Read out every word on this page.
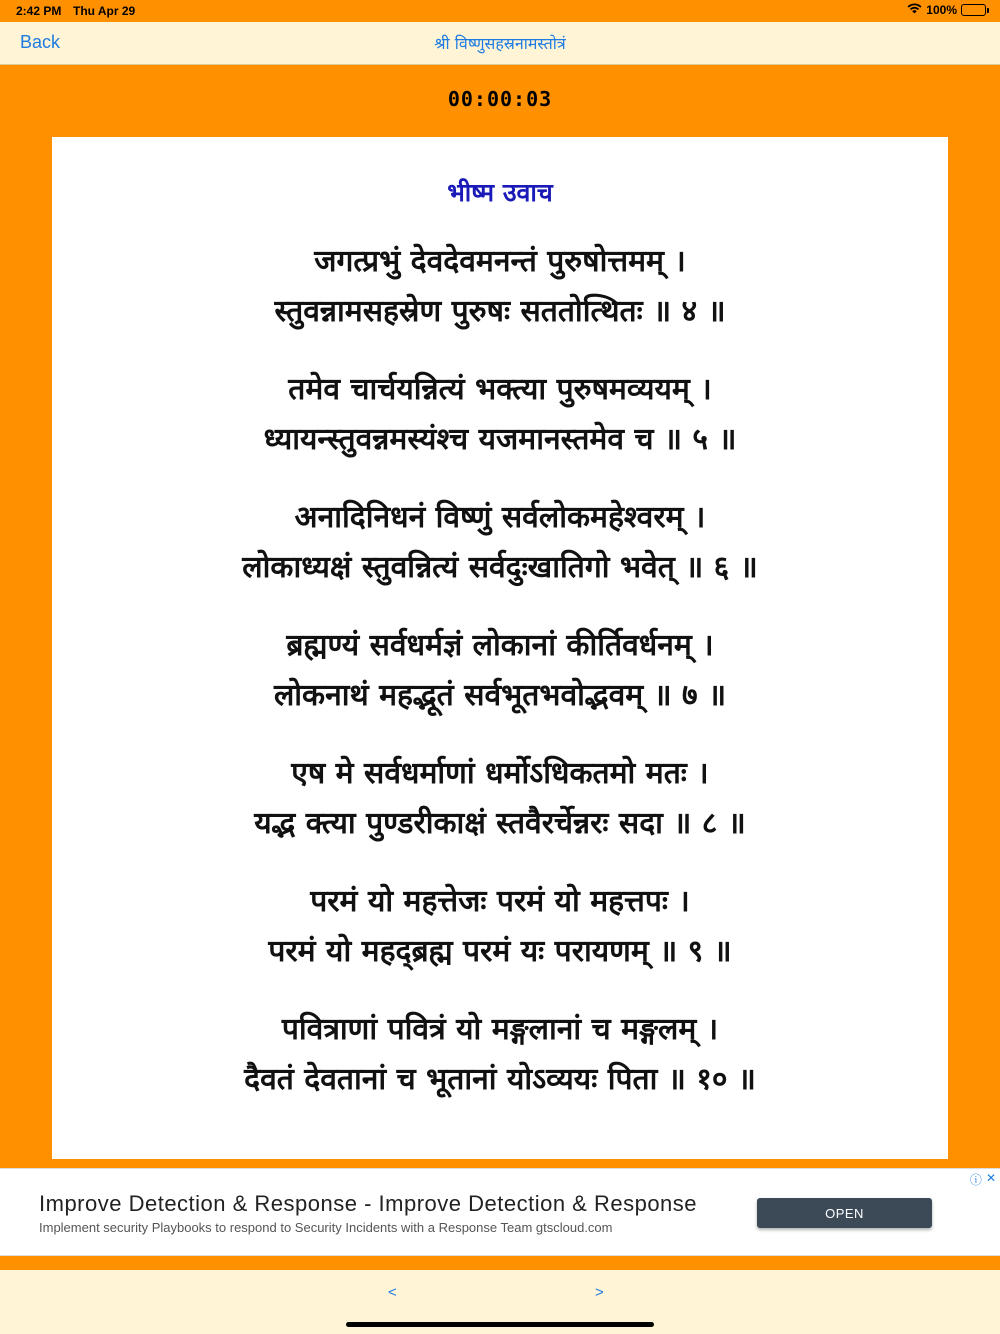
2:42 PM Thu Apr 29	100%
Back	श्री विष्णुसहस्रनामस्तोत्रं
00:00:03
भीष्म उवाच
जगत्प्रभुं देवदेवमनन्तं पुरुषोत्तमम् ।
स्तुवन्नामसहस्रेण पुरुषः सततोत्थितः ॥ ४ ॥
तमेव चार्चयन्नित्यं भक्त्या पुरुषमव्ययम् ।
ध्यायन्स्तुवन्नमस्यंश्च यजमानस्तमेव च ॥ ५ ॥
अनादिनिधनं विष्णुं सर्वलोकमहेश्वरम् ।
लोकाध्यक्षं स्तुवन्नित्यं सर्वदुःखातिगो भवेत् ॥ ६ ॥
ब्रह्मण्यं सर्वधर्मज्ञं लोकानां कीर्तिवर्धनम् ।
लोकनाथं महद्भूतं सर्वभूतभवोद्भवम् ॥ ७ ॥
एष मे सर्वधर्माणां धर्मोऽधिकतमो मतः ।
यद्भ क्त्या पुण्डरीकाक्षं स्तवैरर्चेन्नरः सदा ॥ ८ ॥
परमं यो महत्तेजः परमं यो महत्तपः ।
परमं यो महद्ब्रह्म परमं यः परायणम् ॥ ९ ॥
पवित्राणां पवित्रं यो मङ्गलानां च मङ्गलम् ।
दैवतं देवतानां च भूतानां योऽव्ययः पिता ॥ १० ॥
ⓘ ✕
Improve Detection & Response - Improve Detection & Response
Implement security Playbooks to respond to Security Incidents with a Response Team gtscloud.com
OPEN
<	>
